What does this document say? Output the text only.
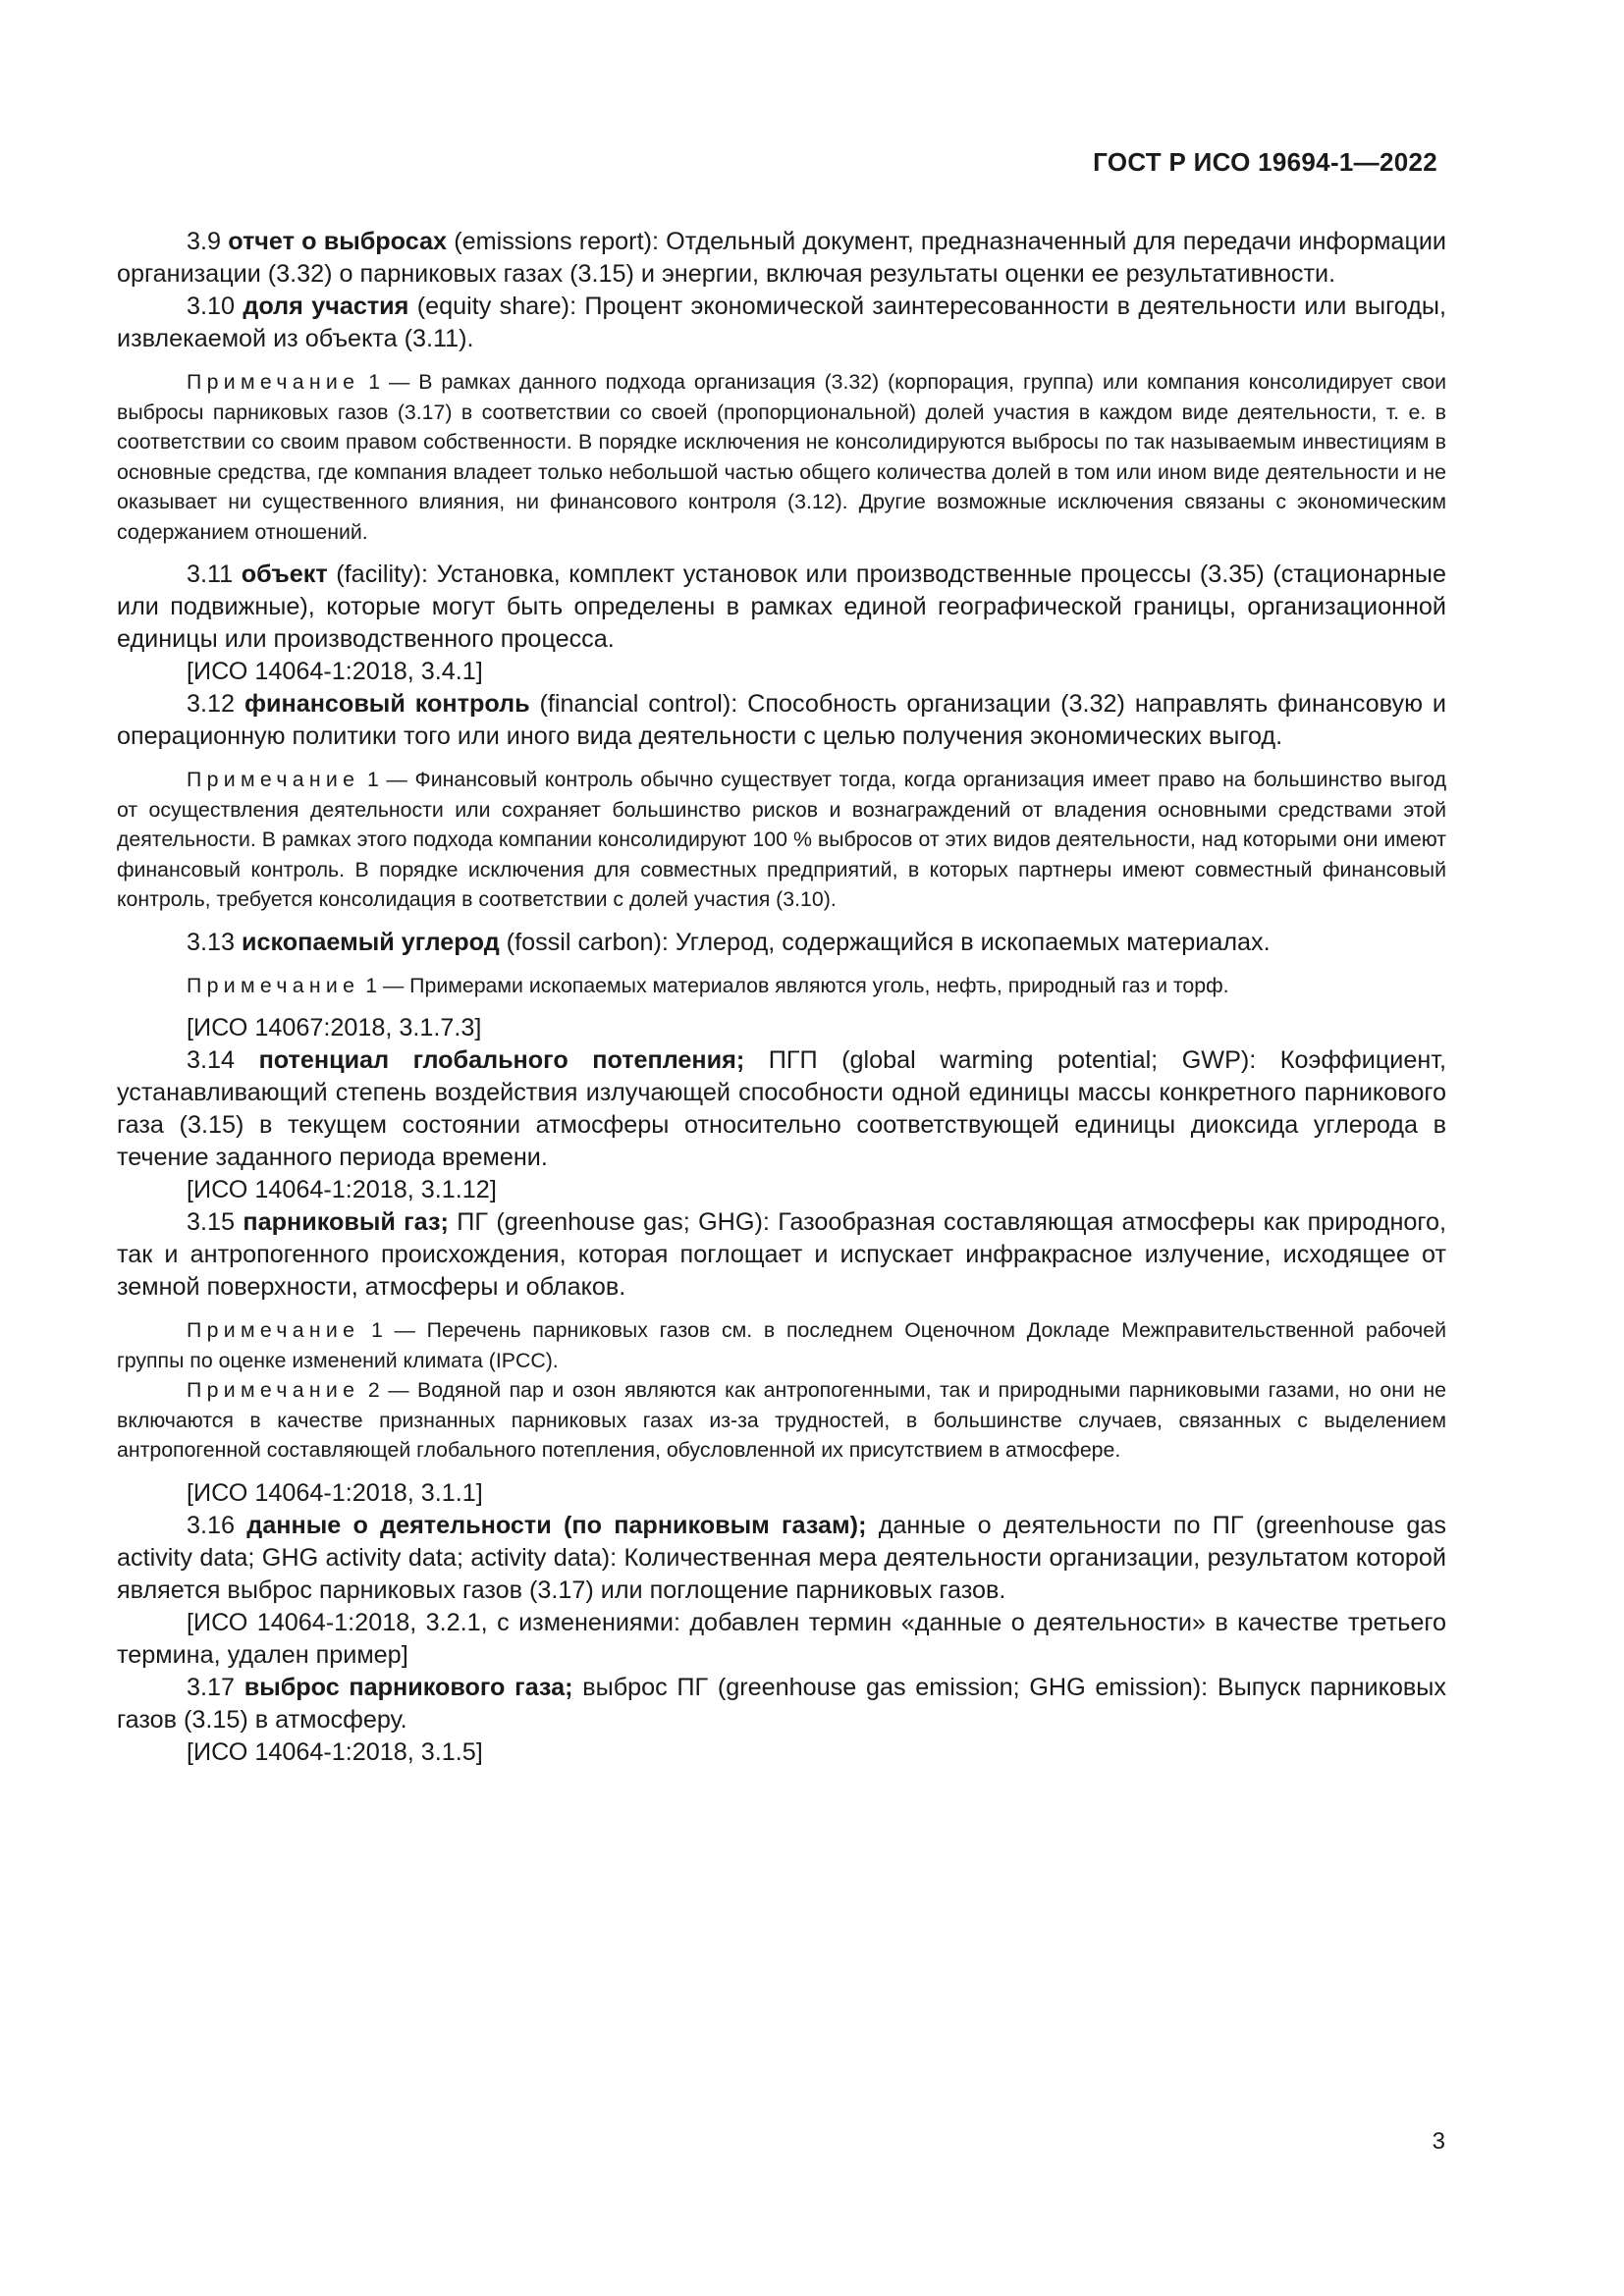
ГОСТ Р ИСО 19694-1—2022

3.9 отчет о выбросах (emissions report): Отдельный документ, предназначенный для передачи информации организации (3.32) о парниковых газах (3.15) и энергии, включая результаты оценки ее результативности.

3.10 доля участия (equity share): Процент экономической заинтересованности в деятельности или выгоды, извлекаемой из объекта (3.11).

Примечание 1 — В рамках данного подхода организация (3.32) (корпорация, группа) или компания консолидирует свои выбросы парниковых газов (3.17) в соответствии со своей (пропорциональной) долей участия в каждом виде деятельности, т. е. в соответствии со своим правом собственности. В порядке исключения не консолидируются выбросы по так называемым инвестициям в основные средства, где компания владеет только небольшой частью общего количества долей в том или ином виде деятельности и не оказывает ни существенного влияния, ни финансового контроля (3.12). Другие возможные исключения связаны с экономическим содержанием отношений.

3.11 объект (facility): Установка, комплект установок или производственные процессы (3.35) (стационарные или подвижные), которые могут быть определены в рамках единой географической границы, организационной единицы или производственного процесса.

[ИСО 14064-1:2018, 3.4.1]

3.12 финансовый контроль (financial control): Способность организации (3.32) направлять финансовую и операционную политики того или иного вида деятельности с целью получения экономических выгод.

Примечание 1 — Финансовый контроль обычно существует тогда, когда организация имеет право на большинство выгод от осуществления деятельности или сохраняет большинство рисков и вознаграждений от владения основными средствами этой деятельности. В рамках этого подхода компании консолидируют 100 % выбросов от этих видов деятельности, над которыми они имеют финансовый контроль. В порядке исключения для совместных предприятий, в которых партнеры имеют совместный финансовый контроль, требуется консолидация в соответствии с долей участия (3.10).

3.13 ископаемый углерод (fossil carbon): Углерод, содержащийся в ископаемых материалах.

Примечание 1 — Примерами ископаемых материалов являются уголь, нефть, природный газ и торф.

[ИСО 14067:2018, 3.1.7.3]

3.14 потенциал глобального потепления; ПГП (global warming potential; GWP): Коэффициент, устанавливающий степень воздействия излучающей способности одной единицы массы конкретного парникового газа (3.15) в текущем состоянии атмосферы относительно соответствующей единицы диоксида углерода в течение заданного периода времени.

[ИСО 14064-1:2018, 3.1.12]

3.15 парниковый газ; ПГ (greenhouse gas; GHG): Газообразная составляющая атмосферы как природного, так и антропогенного происхождения, которая поглощает и испускает инфракрасное излучение, исходящее от земной поверхности, атмосферы и облаков.

Примечание 1 — Перечень парниковых газов см. в последнем Оценочном Докладе Межправительственной рабочей группы по оценке изменений климата (IPCC).

Примечание 2 — Водяной пар и озон являются как антропогенными, так и природными парниковыми газами, но они не включаются в качестве признанных парниковых газах из-за трудностей, в большинстве случаев, связанных с выделением антропогенной составляющей глобального потепления, обусловленной их присутствием в атмосфере.

[ИСО 14064-1:2018, 3.1.1]

3.16 данные о деятельности (по парниковым газам); данные о деятельности по ПГ (greenhouse gas activity data; GHG activity data; activity data): Количественная мера деятельности организации, результатом которой является выброс парниковых газов (3.17) или поглощение парниковых газов.

[ИСО 14064-1:2018, 3.2.1, с изменениями: добавлен термин «данные о деятельности» в качестве третьего термина, удален пример]

3.17 выброс парникового газа; выброс ПГ (greenhouse gas emission; GHG emission): Выпуск парниковых газов (3.15) в атмосферу.

[ИСО 14064-1:2018, 3.1.5]

3
